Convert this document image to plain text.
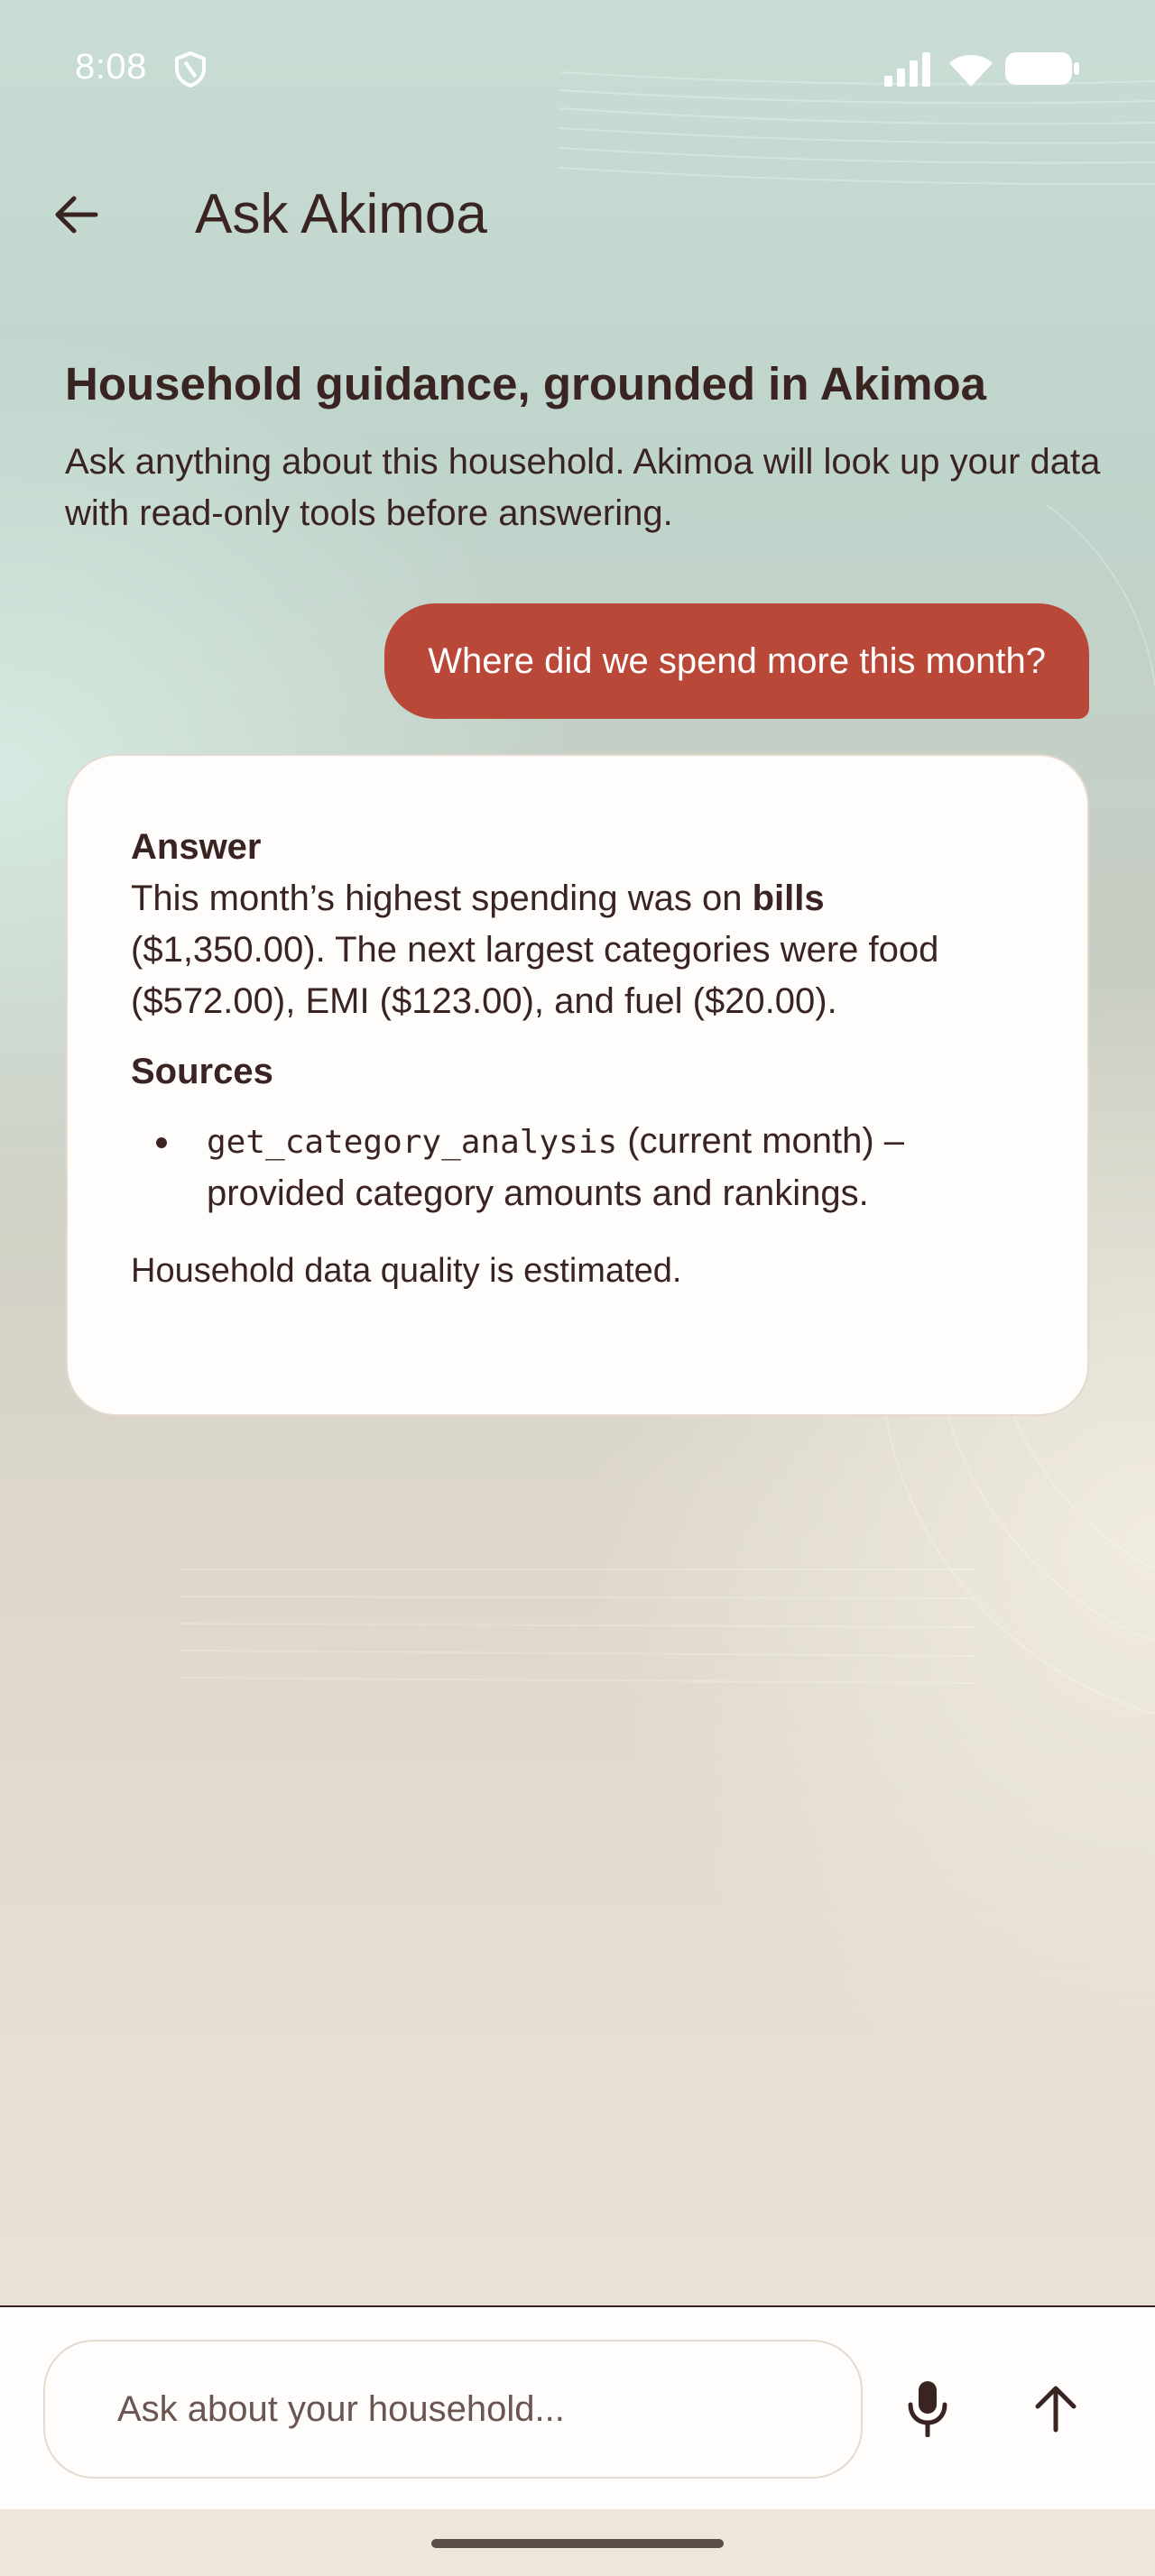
8:08
Ask Akimoa
Household guidance, grounded in Akimoa
Ask anything about this household. Akimoa will look up your data with read-only tools before answering.
Where did we spend more this month?
Answer
This month’s highest spending was on bills ($1,350.00). The next largest categories were food ($572.00), EMI ($123.00), and fuel ($20.00).
Sources
get_category_analysis (current month) – provided category amounts and rankings.
Household data quality is estimated.
Ask about your household...
